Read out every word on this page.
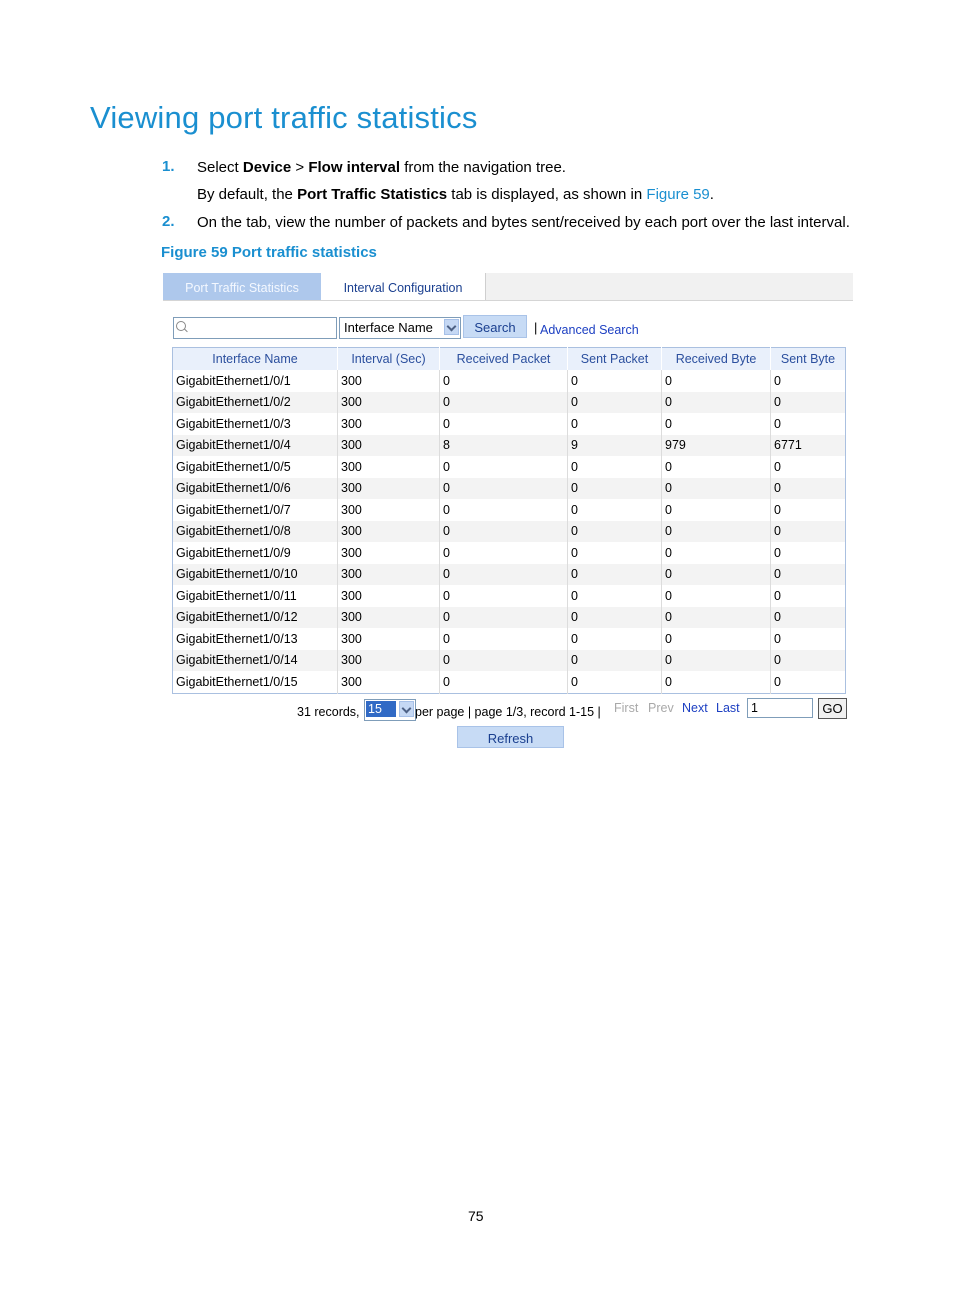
Viewing port traffic statistics
1. Select Device > Flow interval from the navigation tree.
By default, the Port Traffic Statistics tab is displayed, as shown in Figure 59.
2. On the tab, view the number of packets and bytes sent/received by each port over the last interval.
Figure 59 Port traffic statistics
Port Traffic Statistics	Interval Configuration
Interface Name	Search	| Advanced Search
Interface Name	Interval (Sec)	Received Packet	Sent Packet	Received Byte	Sent Byte
GigabitEthernet1/0/1	300	0	0	0	0
GigabitEthernet1/0/2	300	0	0	0	0
GigabitEthernet1/0/3	300	0	0	0	0
GigabitEthernet1/0/4	300	8	9	979	6771
GigabitEthernet1/0/5	300	0	0	0	0
GigabitEthernet1/0/6	300	0	0	0	0
GigabitEthernet1/0/7	300	0	0	0	0
GigabitEthernet1/0/8	300	0	0	0	0
GigabitEthernet1/0/9	300	0	0	0	0
GigabitEthernet1/0/10	300	0	0	0	0
GigabitEthernet1/0/11	300	0	0	0	0
GigabitEthernet1/0/12	300	0	0	0	0
GigabitEthernet1/0/13	300	0	0	0	0
GigabitEthernet1/0/14	300	0	0	0	0
GigabitEthernet1/0/15	300	0	0	0	0
31 records, 15	per page | page 1/3, record 1-15 | First Prev Next Last
1	GO
Refresh
75
